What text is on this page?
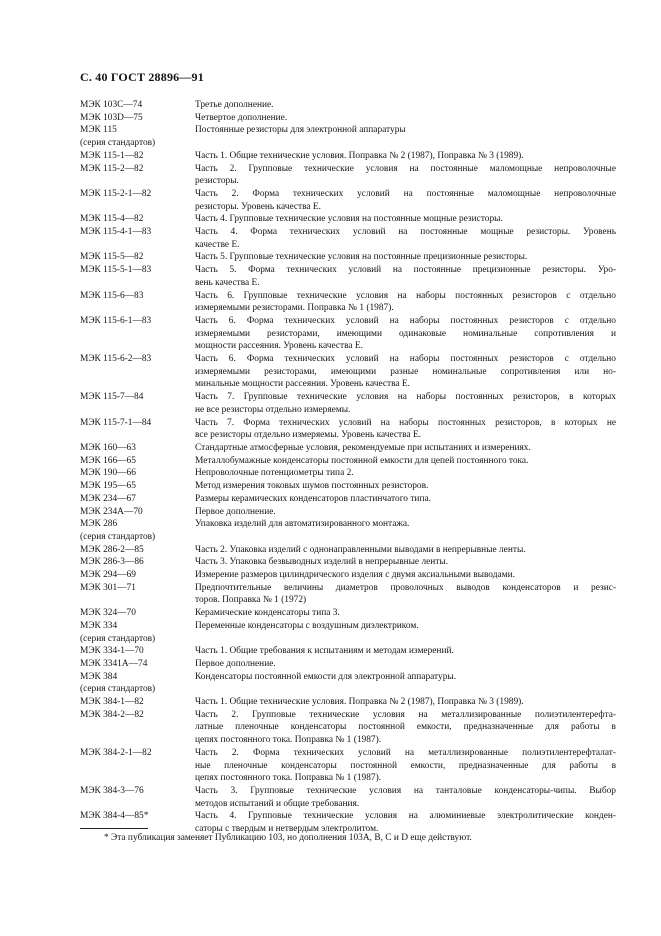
С. 40 ГОСТ 28896—91
МЭК 103С—74	Третье дополнение.
МЭК 103D—75	Четвертое дополнение.
МЭК 115	Постоянные резисторы для электронной аппаратуры
(серия стандартов)

МЭК 115-1—82	Часть 1. Общие технические условия. Поправка № 2 (1987), Поправка № 3 (1989).
МЭК 115-2—82	Часть 2. Групповые технические условия на постоянные маломощные непроволочные
резисторы.
МЭК 115-2-1—82	Часть 2. Форма технических условий на постоянные маломощные непроволочные
резисторы. Уровень качества Е.
МЭК 115-4—82	Часть 4. Групповые технические условия на постоянные мощные резисторы.
МЭК 115-4-1—83	Часть 4. Форма технических условий на постоянные мощные резисторы. Уровень
качестве Е.
МЭК 115-5—82	Часть 5. Групповые технические условия на постоянные прецизионные резисторы.
МЭК 115-5-1—83	Часть 5. Форма технических условий на постоянные прецизионные резисторы. Уро-
вень качества Е.
МЭК 115-6—83	Часть 6. Групповые технические условия на наборы постоянных резисторов с отдельно
измеряемыми резисторами. Поправка № 1 (1987).
МЭК 115-6-1—83	Часть 6. Форма технических условий на наборы постоянных резисторов с отдельно
измеряемыми резисторами, имеющими одинаковые номинальные сопротивления и
мощности рассеяния. Уровень качества Е.
МЭК 115-6-2—83	Часть 6. Форма технических условий на наборы постоянных резисторов с отдельно
измеряемыми резисторами, имеющими разные номинальные сопротивления или но-
минальные мощности рассеяния. Уровень качества Е.
МЭК 115-7—84	Часть 7. Групповые технические условия на наборы постоянных резисторов, в которых
не все резисторы отдельно измеряемы.
МЭК 115-7-1—84	Часть 7. Форма технических условий на наборы постоянных резисторов, в которых не
все резисторы отдельно измеряемы. Уровень качества Е.
МЭК 160—63	Стандартные атмосферные условия, рекомендуемые при испытаниях и измерениях.
МЭК 166—65	Металлобумажные конденсаторы постоянной емкости для цепей постоянного тока.
МЭК 190—66	Непроволочные потенциометры типа 2.
МЭК 195—65	Метод измерения токовых шумов постоянных резисторов.
МЭК 234—67	Размеры керамических конденсаторов пластинчатого типа.
МЭК 234А—70	Первое дополнение.
МЭК 286	Упаковка изделий для автоматизированного монтажа.
(серия стандартов)

МЭК 286-2—85	Часть 2. Упаковка изделий с однонаправленными выводами в непрерывные ленты.
МЭК 286-3—86	Часть 3. Упаковка безвыводных изделий в непрерывные ленты.
МЭК 294—69	Измерение размеров цилиндрического изделия с двумя аксиальными выводами.
МЭК 301—71	Предпочтительные величины диаметров проволочных выводов конденсаторов и резис-
торов. Поправка № 1 (1972)
МЭК 324—70	Керамические конденсаторы типа 3.
МЭК 334	Переменные конденсаторы с воздушным диэлектриком.
(серия стандартов)

МЭК 334-1—70	Часть 1. Общие требования к испытаниям и методам измерений.
МЭК 3341А—74	Первое дополнение.
МЭК 384	Конденсаторы постоянной емкости для электронной аппаратуры.
(серия стандартов)

МЭК 384-1—82	Часть 1. Общие технические условия. Поправка № 2 (1987), Поправка № 3 (1989).
МЭК 384-2—82	Часть 2. Групповые технические условия на металлизированные полиэтилентерефта-
латные пленочные конденсаторы постоянной емкости, предназначенные для работы в
цепях постоянного тока. Поправка № 1 (1987).
МЭК 384-2-1—82	Часть 2. Форма технических условий на металлизированные полиэтилентерефталат-
ные пленочные конденсаторы постоянной емкости, предназначенные для работы в
цепях постоянного тока. Поправка № 1 (1987).
МЭК 384-3—76	Часть 3. Групповые технические условия на танталовые конденсаторы-чипы. Выбор
методов испытаний и общие требования.
МЭК 384-4—85*	Часть 4. Групповые технические условия на алюминиевые электролитические конден-
саторы с твердым и нетвердым электролитом.
* Эта публикация заменяет Публикацию 103, но дополнения 103А, В, С и D еще действуют.
